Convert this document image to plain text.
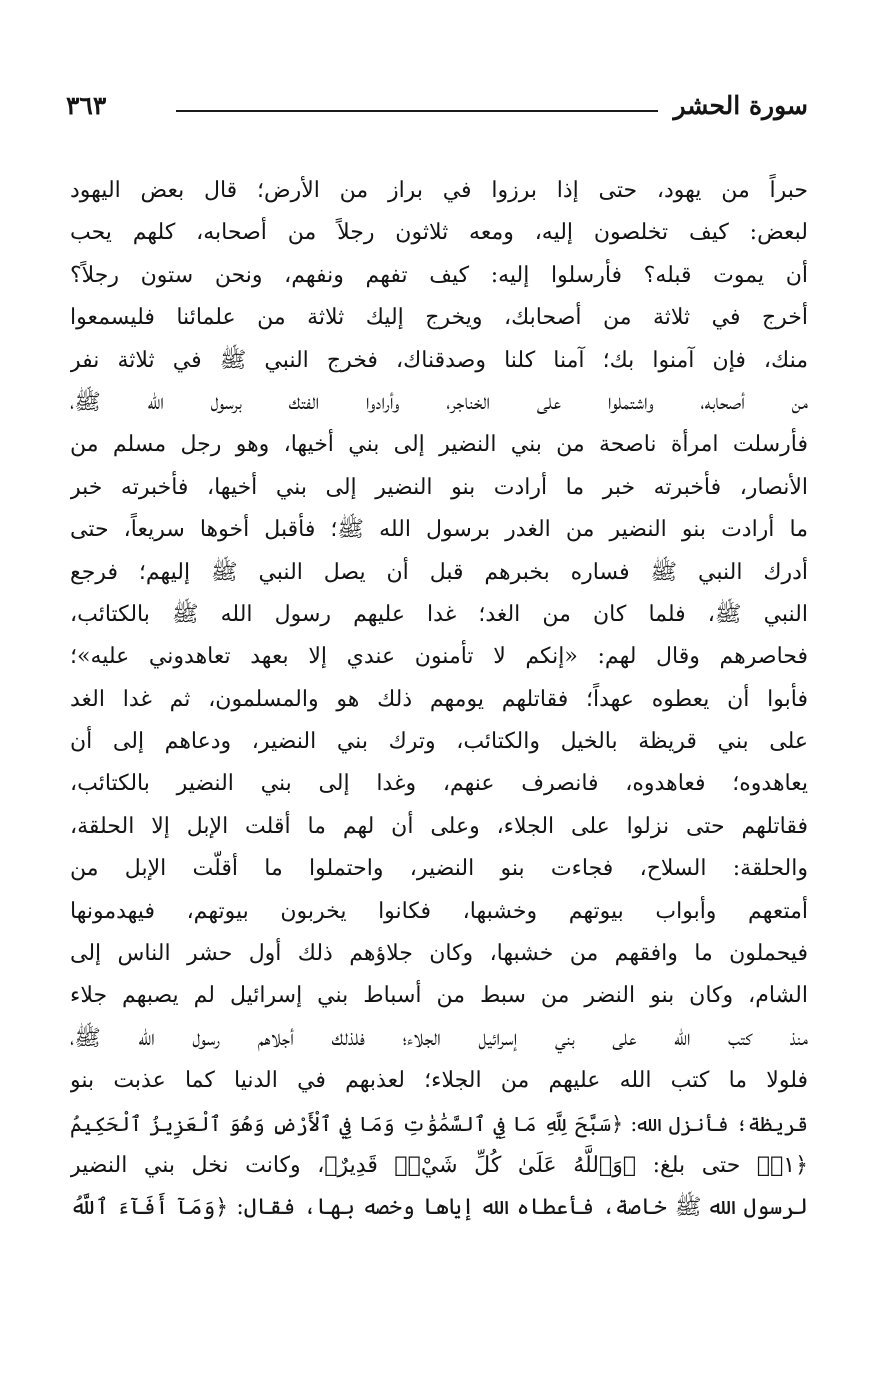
سورة الحشر
٣٦٣
حبراً من يهود، حتى إذا برزوا في براز من الأرض؛ قال بعض اليهود
لبعض: كيف تخلصون إليه، ومعه ثلاثون رجلاً من أصحابه، كلهم يحب
أن يموت قبله؟ فأرسلوا إليه: كيف تفهم ونفهم، ونحن ستون رجلاً؟
أخرج في ثلاثة من أصحابك، ويخرج إليك ثلاثة من علمائنا فليسمعوا
منك، فإن آمنوا بك؛ آمنا كلنا وصدقناك، فخرج النبي ﷺ في ثلاثة نفر
من أصحابه، واشتملوا على الخناجر، وأرادوا الفتك برسول الله ﷺ،
فأرسلت امرأة ناصحة من بني النضير إلى بني أخيها، وهو رجل مسلم من
الأنصار، فأخبرته خبر ما أرادت بنو النضير إلى بني أخيها، فأخبرته خبر
ما أرادت بنو النضير من الغدر برسول الله ﷺ؛ فأقبل أخوها سريعاً، حتى
أدرك النبي ﷺ فساره بخبرهم قبل أن يصل النبي ﷺ إليهم؛ فرجع
النبي ﷺ، فلما كان من الغد؛ غدا عليهم رسول الله ﷺ بالكتائب،
فحاصرهم وقال لهم: «إنكم لا تأمنون عندي إلا بعهد تعاهدوني عليه»؛
فأبوا أن يعطوه عهداً؛ فقاتلهم يومهم ذلك هو والمسلمون، ثم غدا الغد
على بني قريظة بالخيل والكتائب، وترك بني النضير، ودعاهم إلى أن
يعاهدوه؛ فعاهدوه، فانصرف عنهم، وغدا إلى بني النضير بالكتائب،
فقاتلهم حتى نزلوا على الجلاء، وعلى أن لهم ما أقلت الإبل إلا الحلقة،
والحلقة: السلاح، فجاءت بنو النضير، واحتملوا ما أقلّت الإبل من
أمتعهم وأبواب بيوتهم وخشبها، فكانوا يخربون بيوتهم، فيهدمونها
فيحملون ما وافقهم من خشبها، وكان جلاؤهم ذلك أول حشر الناس إلى
الشام، وكان بنو النضر من سبط من أسباط بني إسرائيل لم يصبهم جلاء
منذ كتب الله على بني إسرائيل الجلاء؛ فلذلك أجلاهم رسول الله ﷺ،
فلولا ما كتب الله عليهم من الجلاء؛ لعذبهم في الدنيا كما عذبت بنو
قريظة؛ فأنزل الله: ﴿سَبَّحَ لِلَّهِ مَا فِي ٱلسَّمَٰوَٰتِ وَمَا فِي ٱلْأَرْضِ وَهُوَ ٱلْعَزِيزُ ٱلْحَكِيمُ
﴿١﴾﴾ حتى بلغ: ﴿وَٱللَّهُ عَلَىٰ كُلِّ شَيْءٖ قَدِيرٌ﴾، وكانت نخل بني النضير
لرسول الله ﷺ خاصة، فأعطاه الله إياها وخصه بها، فقال: ﴿وَمَآ أَفَآءَ ٱللَّهُ
